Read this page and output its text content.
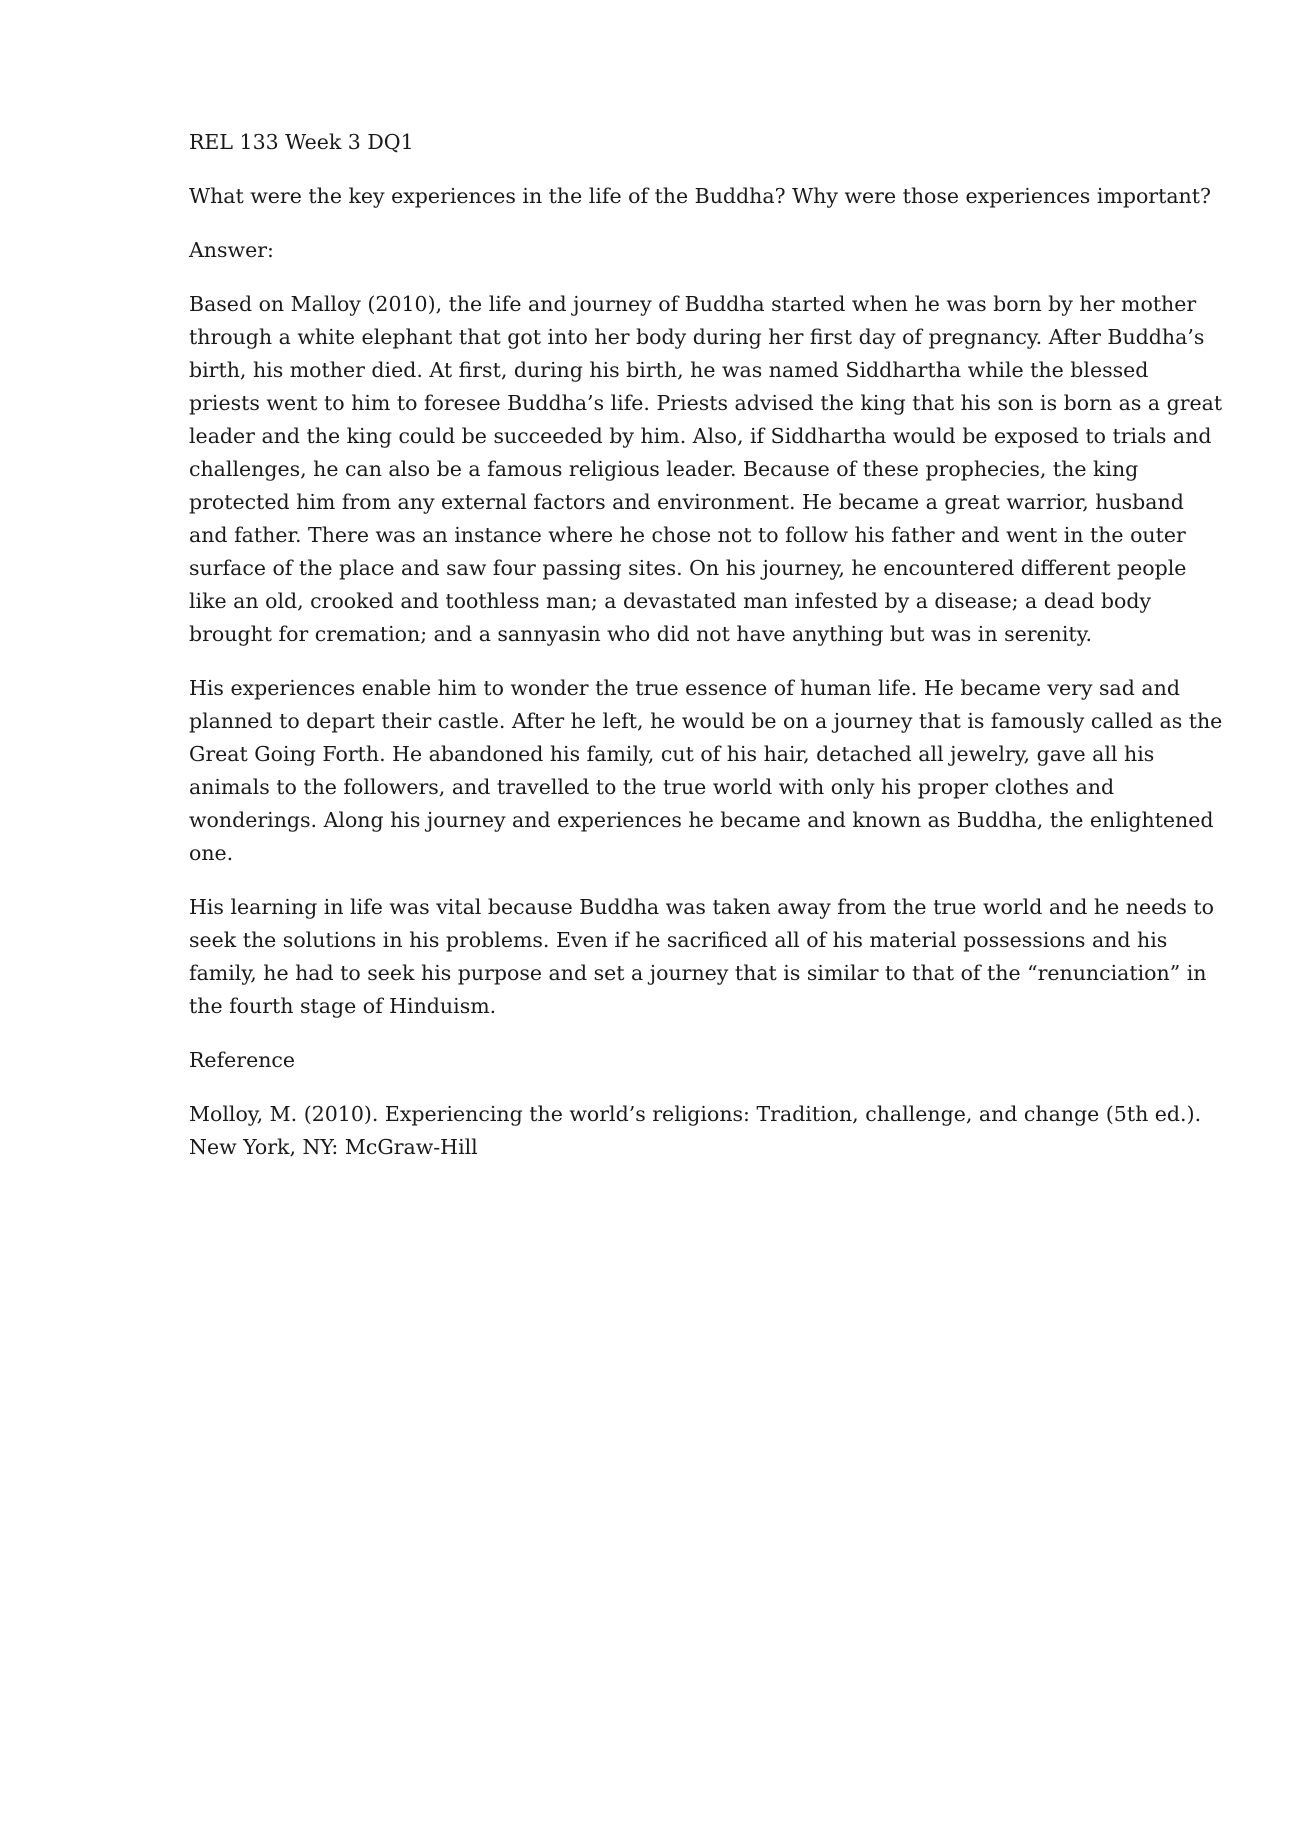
REL 133 Week 3 DQ1

What were the key experiences in the life of the Buddha? Why were those experiences important?

Answer:

Based on Malloy (2010), the life and journey of Buddha started when he was born by her mother through a white elephant that got into her body during her first day of pregnancy. After Buddha’s birth, his mother died. At first, during his birth, he was named Siddhartha while the blessed priests went to him to foresee Buddha’s life. Priests advised the king that his son is born as a great leader and the king could be succeeded by him. Also, if Siddhartha would be exposed to trials and challenges, he can also be a famous religious leader. Because of these prophecies, the king protected him from any external factors and environment. He became a great warrior, husband and father. There was an instance where he chose not to follow his father and went in the outer surface of the place and saw four passing sites. On his journey, he encountered different people like an old, crooked and toothless man; a devastated man infested by a disease; a dead body brought for cremation; and a sannyasin who did not have anything but was in serenity.

His experiences enable him to wonder the true essence of human life. He became very sad and planned to depart their castle. After he left, he would be on a journey that is famously called as the Great Going Forth. He abandoned his family, cut of his hair, detached all jewelry, gave all his animals to the followers, and travelled to the true world with only his proper clothes and wonderings. Along his journey and experiences he became and known as Buddha, the enlightened one.

His learning in life was vital because Buddha was taken away from the true world and he needs to seek the solutions in his problems. Even if he sacrificed all of his material possessions and his family, he had to seek his purpose and set a journey that is similar to that of the “renunciation” in the fourth stage of Hinduism.

Reference

Molloy, M. (2010). Experiencing the world’s religions: Tradition, challenge, and change (5th ed.).
New York, NY: McGraw-Hill
